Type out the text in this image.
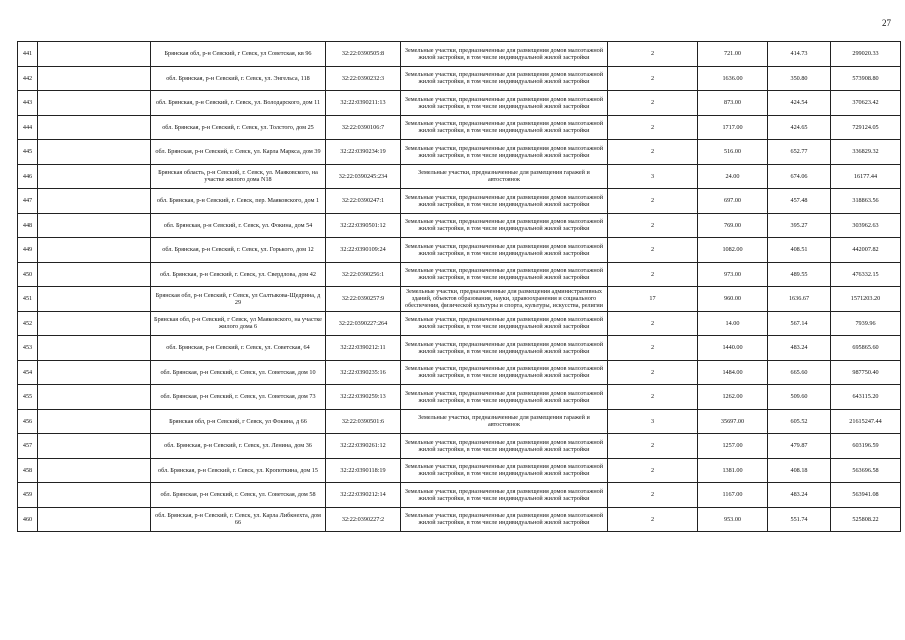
27
441		Брянская обл, р-н Севский, г Севск, ул Советская, кв 96	32:22:0390505:8	Земельные участки, предназначенные для размещения домов малоэтажной жилой застройки, в том числе индивидуальной жилой застройки	2	721.00	414.73	299020.33
442		обл. Брянская, р-н Севский, г. Севск, ул. Энгельса, 118	32:22:0390232:3	Земельные участки, предназначенные для размещения домов малоэтажной жилой застройки, в том числе индивидуальной жилой застройки	2	1636.00	350.80	573908.80
443		обл. Брянская, р-н Севский, г. Севск, ул. Володарского, дом 11	32:22:0390211:13	Земельные участки, предназначенные для размещения домов малоэтажной жилой застройки, в том числе индивидуальной жилой застройки	2	873.00	424.54	370623.42
444		обл. Брянская, р-н Севский, г. Севск, ул. Толстого, дом 25	32:22:0390106:7	Земельные участки, предназначенные для размещения домов малоэтажной жилой застройки, в том числе индивидуальной жилой застройки	2	1717.00	424.65	729124.05
445		обл. Брянская, р-н Севский, г. Севск, ул. Карла Маркса, дом 39	32:22:0390234:19	Земельные участки, предназначенные для размещения домов малоэтажной жилой застройки, в том числе индивидуальной жилой застройки	2	516.00	652.77	336829.32
446		Брянская область, р-н Севский, г. Севск, ул. Маяковского, на участке жилого дома N18	32:22:0390245:234	Земельные участки, предназначенные для размещения гаражей и автостоянок	3	24.00	674.06	16177.44
447		обл. Брянская, р-н Севский, г. Севск, пер. Маяковского, дом 1	32:22:0390247:1	Земельные участки, предназначенные для размещения домов малоэтажной жилой застройки, в том числе индивидуальной жилой застройки	2	697.00	457.48	318863.56
448		обл. Брянская, р-н Севский, г. Севск, ул. Фокина, дом 54	32:22:0390501:12	Земельные участки, предназначенные для размещения домов малоэтажной жилой застройки, в том числе индивидуальной жилой застройки	2	769.00	395.27	303962.63
449		обл. Брянская, р-н Севский, г. Севск, ул. Горького, дом 12	32:22:0390109:24	Земельные участки, предназначенные для размещения домов малоэтажной жилой застройки, в том числе индивидуальной жилой застройки	2	1082.00	408.51	442007.82
450		обл. Брянская, р-н Севский, г. Севск, ул. Свердлова, дом 42	32:22:0390256:1	Земельные участки, предназначенные для размещения домов малоэтажной жилой застройки, в том числе индивидуальной жилой застройки	2	973.00	489.55	476332.15
451		Брянская обл, р-н Севский, г Севск, ул Салтыкова-Щедрина, д 29	32:22:0390257:9	Земельные участки, предназначенные для размещения административных зданий, объектов образования, науки, здравоохранения и социального обеспечения, физической культуры и спорта, культуры, искусства, религии	17	960.00	1636.67	1571203.20
452		Брянская обл, р-н Севский, г Севск, ул Маяковского, на участке жилого дома 6	32:22:0390227:264	Земельные участки, предназначенные для размещения домов малоэтажной жилой застройки, в том числе индивидуальной жилой застройки	2	14.00	567.14	7939.96
453		обл. Брянская, р-н Севский, г. Севск, ул. Советская, 64	32:22:0390212:11	Земельные участки, предназначенные для размещения домов малоэтажной жилой застройки, в том числе индивидуальной жилой застройки	2	1440.00	483.24	695865.60
454		обл. Брянская, р-н Севский, г. Севск, ул. Советская, дом 10	32:22:0390235:16	Земельные участки, предназначенные для размещения домов малоэтажной жилой застройки, в том числе индивидуальной жилой застройки	2	1484.00	665.60	987750.40
455		обл. Брянская, р-н Севский, г. Севск, ул. Советская, дом 73	32:22:0390259:13	Земельные участки, предназначенные для размещения домов малоэтажной жилой застройки, в том числе индивидуальной жилой застройки	2	1262.00	509.60	643115.20
456		Брянская обл, р-н Севский, г Севск, ул Фокина, д 66	32:22:0390501:6	Земельные участки, предназначенные для размещения гаражей и автостоянок	3	35697.00	605.52	21615247.44
457		обл. Брянская, р-н Севский, г. Севск, ул. Ленина, дом 36	32:22:0390261:12	Земельные участки, предназначенные для размещения домов малоэтажной жилой застройки, в том числе индивидуальной жилой застройки	2	1257.00	479.87	603196.59
458		обл. Брянская, р-н Севский, г. Севск, ул. Кропоткина, дом 15	32:22:0390118:19	Земельные участки, предназначенные для размещения домов малоэтажной жилой застройки, в том числе индивидуальной жилой застройки	2	1381.00	408.18	563696.58
459		обл. Брянская, р-н Севский, г. Севск, ул. Советская, дом 58	32:22:0390212:14	Земельные участки, предназначенные для размещения домов малоэтажной жилой застройки, в том числе индивидуальной жилой застройки	2	1167.00	483.24	563941.08
460		обл. Брянская, р-н Севский, г. Севск, ул. Карла Либкнехта, дом 66	32:22:0390227:2	Земельные участки, предназначенные для размещения домов малоэтажной жилой застройки, в том числе индивидуальной жилой застройки	2	953.00	551.74	525808.22
